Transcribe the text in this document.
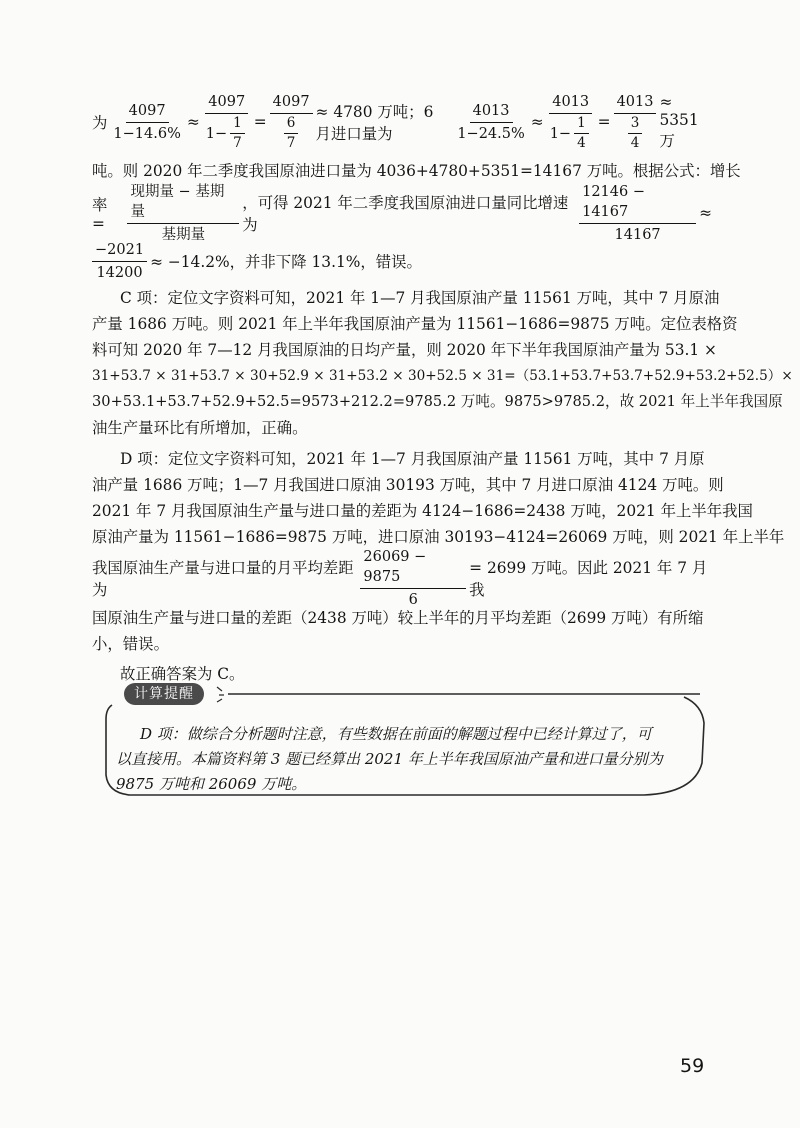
为 $\frac{4097}{1-14.6\%} \approx \frac{4097}{1- \frac{1}{7}} = \frac{4097}{\frac{6}{7}} \approx 4780$ 万吨；6 月进口量为	$\frac{4013}{1-24.5\%} \approx \frac{4013}{1- \frac{1}{4}} = \frac{4013}{\frac{3}{4}} \approx 5351$ 万
吨。则 2020 年二季度我国原油进口量为 4036+4780+5351=14167 万吨。根据公式：增长
率 =	$\frac{\text{现期量 − 基期量}}{\text{基期量}}$ ，可得 2021 年二季度我国原油进口量同比增速为	$\frac{12146 - 14167}{14167}$ ≈
$\frac{-2021}{14200} \approx -14.2\%$，并非下降 13.1%，错误。
C 项：定位文字资料可知，2021 年 1—7 月我国原油产量 11561 万吨，其中 7 月原油
产量 1686 万吨。则 2021 年上半年我国原油产量为 11561−1686=9875 万吨。定位表格资
料可知 2020 年 7—12 月我国原油的日均产量，则 2020 年下半年我国原油产量为 53.1 ×
31+53.7 × 31+53.7 × 30+52.9 × 31+53.2 × 30+52.5 × 31=（53.1+53.7+53.7+52.9+53.2+52.5）×
30+53.1+53.7+52.9+52.5=9573+212.2=9785.2 万吨。9875>9785.2，故 2021 年上半年我国原
油生产量环比有所增加，正确。
D 项：定位文字资料可知，2021 年 1—7 月我国原油产量 11561 万吨，其中 7 月原
油产量 1686 万吨；1—7 月我国进口原油 30193 万吨，其中 7 月进口原油 4124 万吨。则
2021 年 7 月我国原油生产量与进口量的差距为 4124−1686=2438 万吨，2021 年上半年我国
原油产量为 11561−1686=9875 万吨，进口原油 30193−4124=26069 万吨，则 2021 年上半年
我国原油生产量与进口量的月平均差距为	$\frac{26069 - 9875}{6} = 2699$ 万吨。因此 2021 年 7 月我
国原油生产量与进口量的差距（2438 万吨）较上半年的月平均差距（2699 万吨）有所缩
小，错误。
故正确答案为 C。
计算提醒
D 项：做综合分析题时注意，有些数据在前面的解题过程中已经计算过了，可
以直接用。本篇资料第 3 题已经算出 2021 年上半年我国原油产量和进口量分别为
9875 万吨和 26069 万吨。
59
